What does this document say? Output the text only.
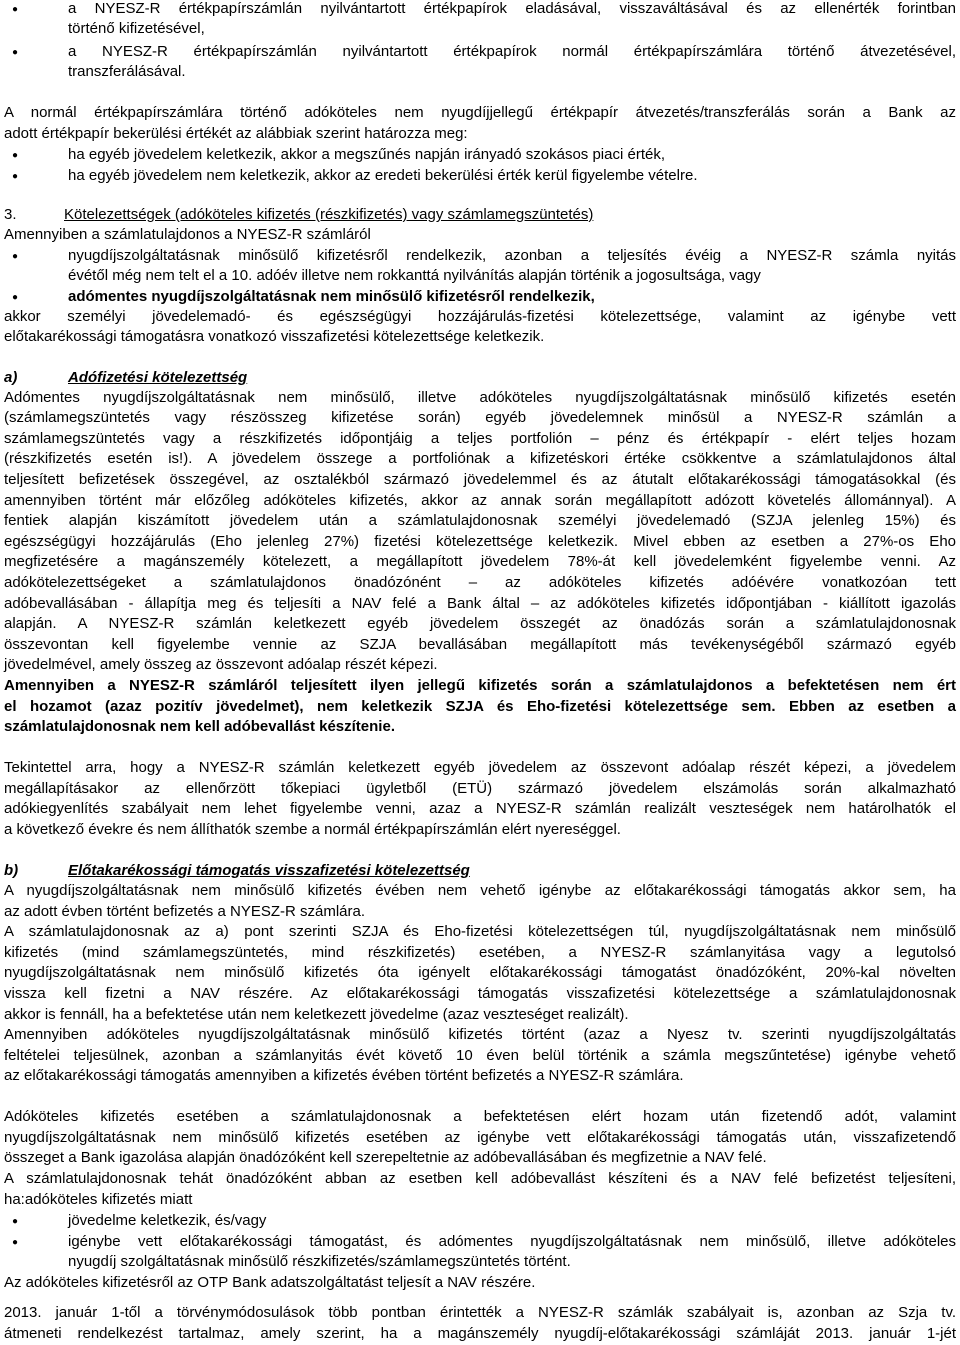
●	a NYESZ-R értékpapírszámlán nyilvántartott értékpapírok eladásával, visszaváltásával és az ellenérték forintban
történő kifizetésével,
●	a NYESZ-R értékpapírszámlán nyilvántartott értékpapírok normál értékpapírszámlára történő átvezetésével,
transzferálásával.
A normál értékpapírszámlára történő adóköteles nem nyugdíjjellegű értékpapír átvezetés/transzferálás során a Bank az
adott értékpapír bekerülési értékét az alábbiak szerint határozza meg:
●	ha egyéb jövedelem keletkezik, akkor a megszűnés napján irányadó szokásos piaci érték,
●	ha egyéb jövedelem nem keletkezik, akkor az eredeti bekerülési érték kerül figyelembe vételre.
3.	Kötelezettségek (adóköteles kifizetés (részkifizetés) vagy számlamegszüntetés)
Amennyiben a számlatulajdonos a NYESZ-R számláról
●	nyugdíjszolgáltatásnak minősülő kifizetésről rendelkezik, azonban a teljesítés évéig a NYESZ-R számla nyitás
évétől még nem telt el a 10. adóév illetve nem rokkanttá nyilvánítás alapján történik a jogosultsága, vagy
●	adómentes nyugdíjszolgáltatásnak nem minősülő kifizetésről rendelkezik,
akkor személyi jövedelemadó- és egészségügyi hozzájárulás-fizetési kötelezettsége, valamint az igénybe vett
előtakarékossági támogatásra vonatkozó visszafizetési kötelezettsége keletkezik.
a)	Adófizetési kötelezettség
Adómentes nyugdíjszolgáltatásnak nem minősülő, illetve adóköteles nyugdíjszolgáltatásnak minősülő kifizetés esetén
(számlamegszüntetés vagy részösszeg kifizetése során) egyéb jövedelemnek minősül a NYESZ-R számlán a
számlamegszüntetés vagy a részkifizetés időpontjáig a teljes portfolión – pénz és értékpapír - elért teljes hozam
(részkifizetés esetén is!). A jövedelem összege a portfoliónak a kifizetéskori értéke csökkentve a számlatulajdonos által
teljesített befizetések összegével, az osztalékból származó jövedelemmel és az átutalt előtakarékossági támogatásokkal (és
amennyiben történt már előzőleg adóköteles kifizetés, akkor az annak során megállapított adózott követelés állománnyal). A
fentiek alapján kiszámított jövedelem után a számlatulajdonosnak személyi jövedelemadó (SZJA jelenleg 15%) és
egészségügyi hozzájárulás (Eho jelenleg 27%) fizetési kötelezettsége keletkezik. Mivel ebben az esetben a 27%-os Eho
megfizetésére a magánszemély kötelezett, a megállapított jövedelem 78%-át kell jövedelemként figyelembe venni. Az
adókötelezettségeket a számlatulajdonos önadózónént – az adóköteles kifizetés adóévére vonatkozóan tett
adóbevallásában - állapítja meg és teljesíti a NAV felé a Bank által – az adóköteles kifizetés időpontjában - kiállított igazolás
alapján. A NYESZ-R számlán keletkezett egyéb jövedelem összegét az önadózás során a számlatulajdonosnak
összevontan kell figyelembe vennie az SZJA bevallásában megállapított más tevékenységéből származó egyéb
jövedelmével, amely összeg az összevont adóalap részét képezi.
Amennyiben a NYESZ-R számláról teljesített ilyen jellegű kifizetés során a számlatulajdonos a befektetésen nem ért
el hozamot (azaz pozitív jövedelmet), nem keletkezik SZJA és Eho-fizetési kötelezettsége sem. Ebben az esetben a
számlatulajdonosnak nem kell adóbevallást készítenie.
Tekintettel arra, hogy a NYESZ-R számlán keletkezett egyéb jövedelem az összevont adóalap részét képezi, a jövedelem
megállapításakor az ellenőrzött tőkepiaci ügyletből (ETÜ) származó jövedelem elszámolás során alkalmazható
adókiegyenlítés szabályait nem lehet figyelembe venni, azaz a NYESZ-R számlán realizált veszteségek nem határolhatók el
a következő évekre és nem állíthatók szembe a normál értékpapírszámlán elért nyereséggel.
b)	Előtakarékossági támogatás visszafizetési kötelezettség
A nyugdíjszolgáltatásnak nem minősülő kifizetés évében nem vehető igénybe az előtakarékossági támogatás akkor sem, ha
az adott évben történt befizetés a NYESZ-R számlára.
A számlatulajdonosnak az a) pont szerinti SZJA és Eho-fizetési kötelezettségen túl, nyugdíjszolgáltatásnak nem minősülő
kifizetés (mind számlamegszüntetés, mind részkifizetés) esetében, a NYESZ-R számlanyitása vagy a legutolsó
nyugdíjszolgáltatásnak nem minősülő kifizetés óta igényelt előtakarékossági támogatást önadózóként, 20%-kal növelten
vissza kell fizetni a NAV részére. Az előtakarékossági támogatás visszafizetési kötelezettsége a számlatulajdonosnak
akkor is fennáll, ha a befektetése után nem keletkezett jövedelme (azaz veszteséget realizált).
Amennyiben adóköteles nyugdíjszolgáltatásnak minősülő kifizetés történt (azaz a Nyesz tv. szerinti nyugdíjszolgáltatás
feltételei teljesülnek, azonban a számlanyitás évét követő 10 éven belül történik a számla megszűntetése) igénybe vehető
az előtakarékossági támogatás amennyiben a kifizetés évében történt befizetés a NYESZ-R számlára.
Adóköteles kifizetés esetében a számlatulajdonosnak a befektetésen elért hozam után fizetendő adót, valamint
nyugdíjszolgáltatásnak nem minősülő kifizetés esetében az igénybe vett előtakarékossági támogatás után, visszafizetendő
összeget a Bank igazolása alapján önadózóként kell szerepeltetnie az adóbevallásában és megfizetnie a NAV felé.
A számlatulajdonosnak tehát önadózóként abban az esetben kell adóbevallást készíteni és a NAV felé befizetést teljesíteni,
ha:adóköteles kifizetés miatt
●	jövedelme keletkezik, és/vagy
●	igénybe vett előtakarékossági támogatást, és adómentes nyugdíjszolgáltatásnak nem minősülő, illetve adóköteles
nyugdíj szolgáltatásnak minősülő részkifizetés/számlamegszüntetés történt.
Az adóköteles kifizetésről az OTP Bank adatszolgáltatást teljesít a NAV részére.
2013. január 1-től a törvénymódosulások több pontban érintették a NYESZ-R számlák szabályait is, azonban az Szja tv.
átmeneti rendelkezést tartalmaz, amely szerint, ha a magánszemély nyugdíj-előtakarékossági számláját 2013. január 1-jét
